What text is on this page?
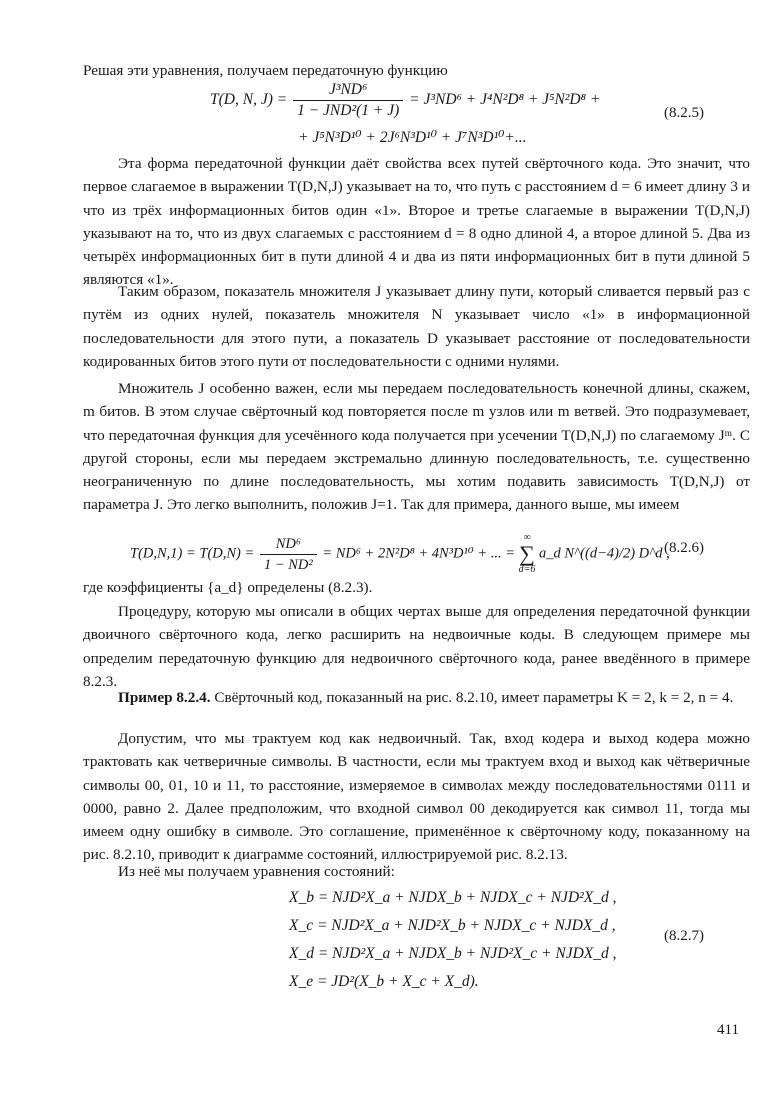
Решая эти уравнения, получаем передаточную функцию

T(D, N, $J) = \frac{\text{J³ND⁶}}{\text{1 − JND²(1 + J)}} = J^3ND^6 + J^4N^2D^8 + J^5N^2D^8$ +
+ J⁵N³D¹⁰ + 2J⁶N³D¹⁰ + J⁷N³D¹⁰+...
(8.2.5)

Эта форма передаточной функции даёт свойства всех путей свёрточного кода. Это значит, что первое слагаемое в выражении T(D,N,J) указывает на то, что путь с расстоянием d = 6 имеет длину 3 и что из трёх информационных битов один «1». Второе и третье слагаемые в выражении T(D,N,J) указывают на то, что из двух слагаемых с расстоянием d = 8 одно длиной 4, а второе длиной 5. Два из четырёх информационных бит в пути длиной 4 и два из пяти информационных бит в пути длиной 5 являются «1».

Таким образом, показатель множителя J указывает длину пути, который сливается первый раз с путём из одних нулей, показатель множителя N указывает число «1» в информационной последовательности для этого пути, а показатель D указывает расстояние от последовательности кодированных битов этого пути от последовательности с одними нулями.

Множитель J особенно важен, если мы передаем последовательность конечной длины, скажем, m битов. В этом случае свёрточный код повторяется после m узлов или m ветвей. Это подразумевает, что передаточная функция для усечённого кода получается при усечении T(D,N,J) по слагаемому Jᵐ. С другой стороны, если мы передаем экстремально длинную последовательность, т.е. существенно неограниченную по длине последовательность, мы хотим подавить зависимость T(D,N,J) от параметра J. Это легко выполнить, положив J=1. Так для примера, данного выше, мы имеем

$T(D,N,1) = T(D,N) = \frac{\text{ND⁶}}{\text{1 − ND²}} = ND^6 + 2N^2D^8 + 4N^3D^{10}$ + ... =
∞
∑
d=6
a_d N^((d−4)/2) D^d ,
(8.2.6)

где коэффициенты {a_d} определены (8.2.3).

Процедуру, которую мы описали в общих чертах выше для определения передаточной функции двоичного свёрточного кода, легко расширить на недвоичные коды. В следующем примере мы определим передаточную функцию для недвоичного свёрточного кода, ранее введённого в примере 8.2.3.

Пример 8.2.4. Свёрточный код, показанный на рис. 8.2.10, имеет параметры K = 2, k = 2, n = 4.

Допустим, что мы трактуем код как недвоичный. Так, вход кодера и выход кодера можно трактовать как четверичные символы. В частности, если мы трактуем вход и выход как чётверичные символы 00, 01, 10 и 11, то расстояние, измеряемое в символах между последовательностями 0111 и 0000, равно 2. Далее предположим, что входной символ 00 декодируется как символ 11, тогда мы имеем одну ошибку в символе. Это соглашение, применённое к свёрточному коду, показанному на рис. 8.2.10, приводит к диаграмме состояний, иллюстрируемой рис. 8.2.13.

Из неё мы получаем уравнения состояний:

X_b = NJD²X_a + NJDX_b + NJDX_c + NJD²X_d ,
X_c = NJD²X_a + NJD²X_b + NJDX_c + NJDX_d ,
X_d = NJD²X_a + NJDX_b + NJD²X_c + NJDX_d ,
X_e = JD²(X_b + X_c + X_d).
(8.2.7)
411
